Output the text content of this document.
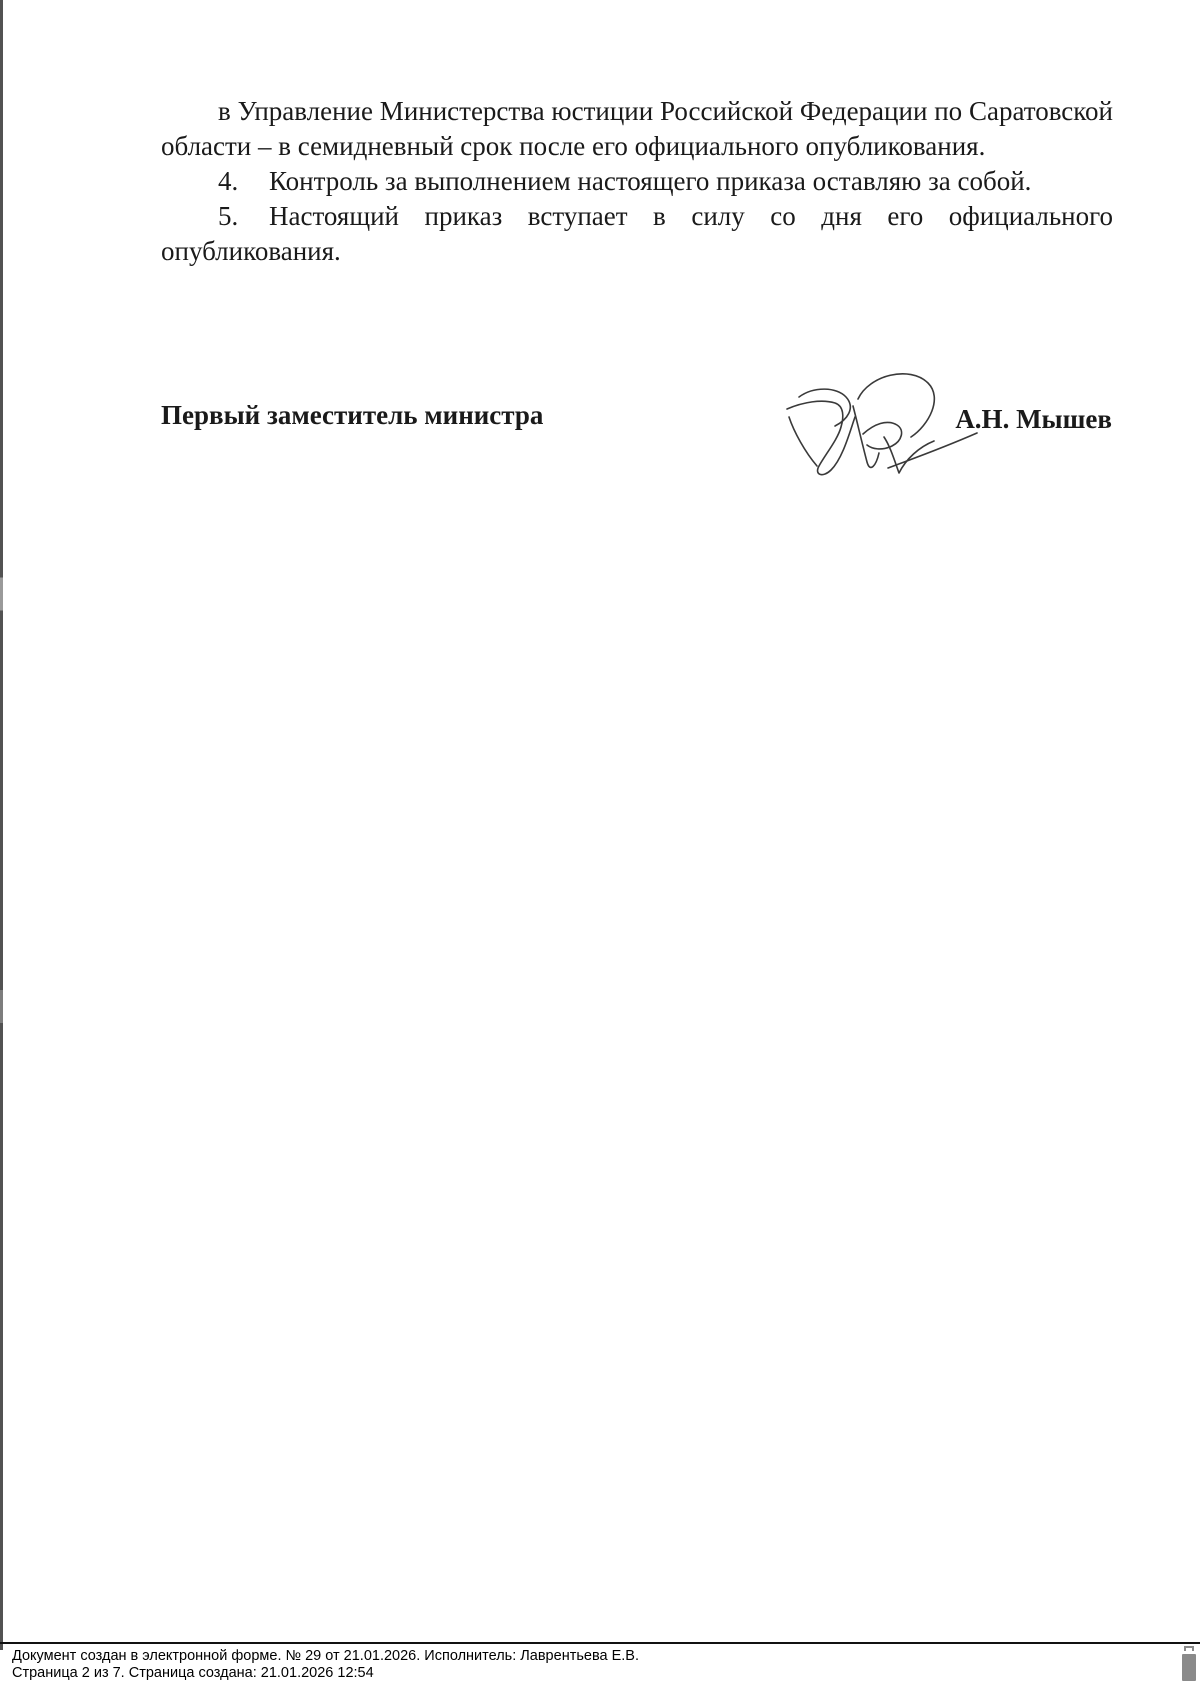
в Управление Министерства юстиции Российской Федерации по Саратовской области – в семидневный срок после его официального опубликования.

4. Контроль за выполнением настоящего приказа оставляю за собой.

5. Настоящий приказ вступает в силу со дня его официального опубликования.

Первый заместитель министра	А.Н. Мышев
Документ создан в электронной форме. № 29 от 21.01.2026. Исполнитель: Лаврентьева Е.В.
Страница 2 из 7. Страница создана: 21.01.2026 12:54
